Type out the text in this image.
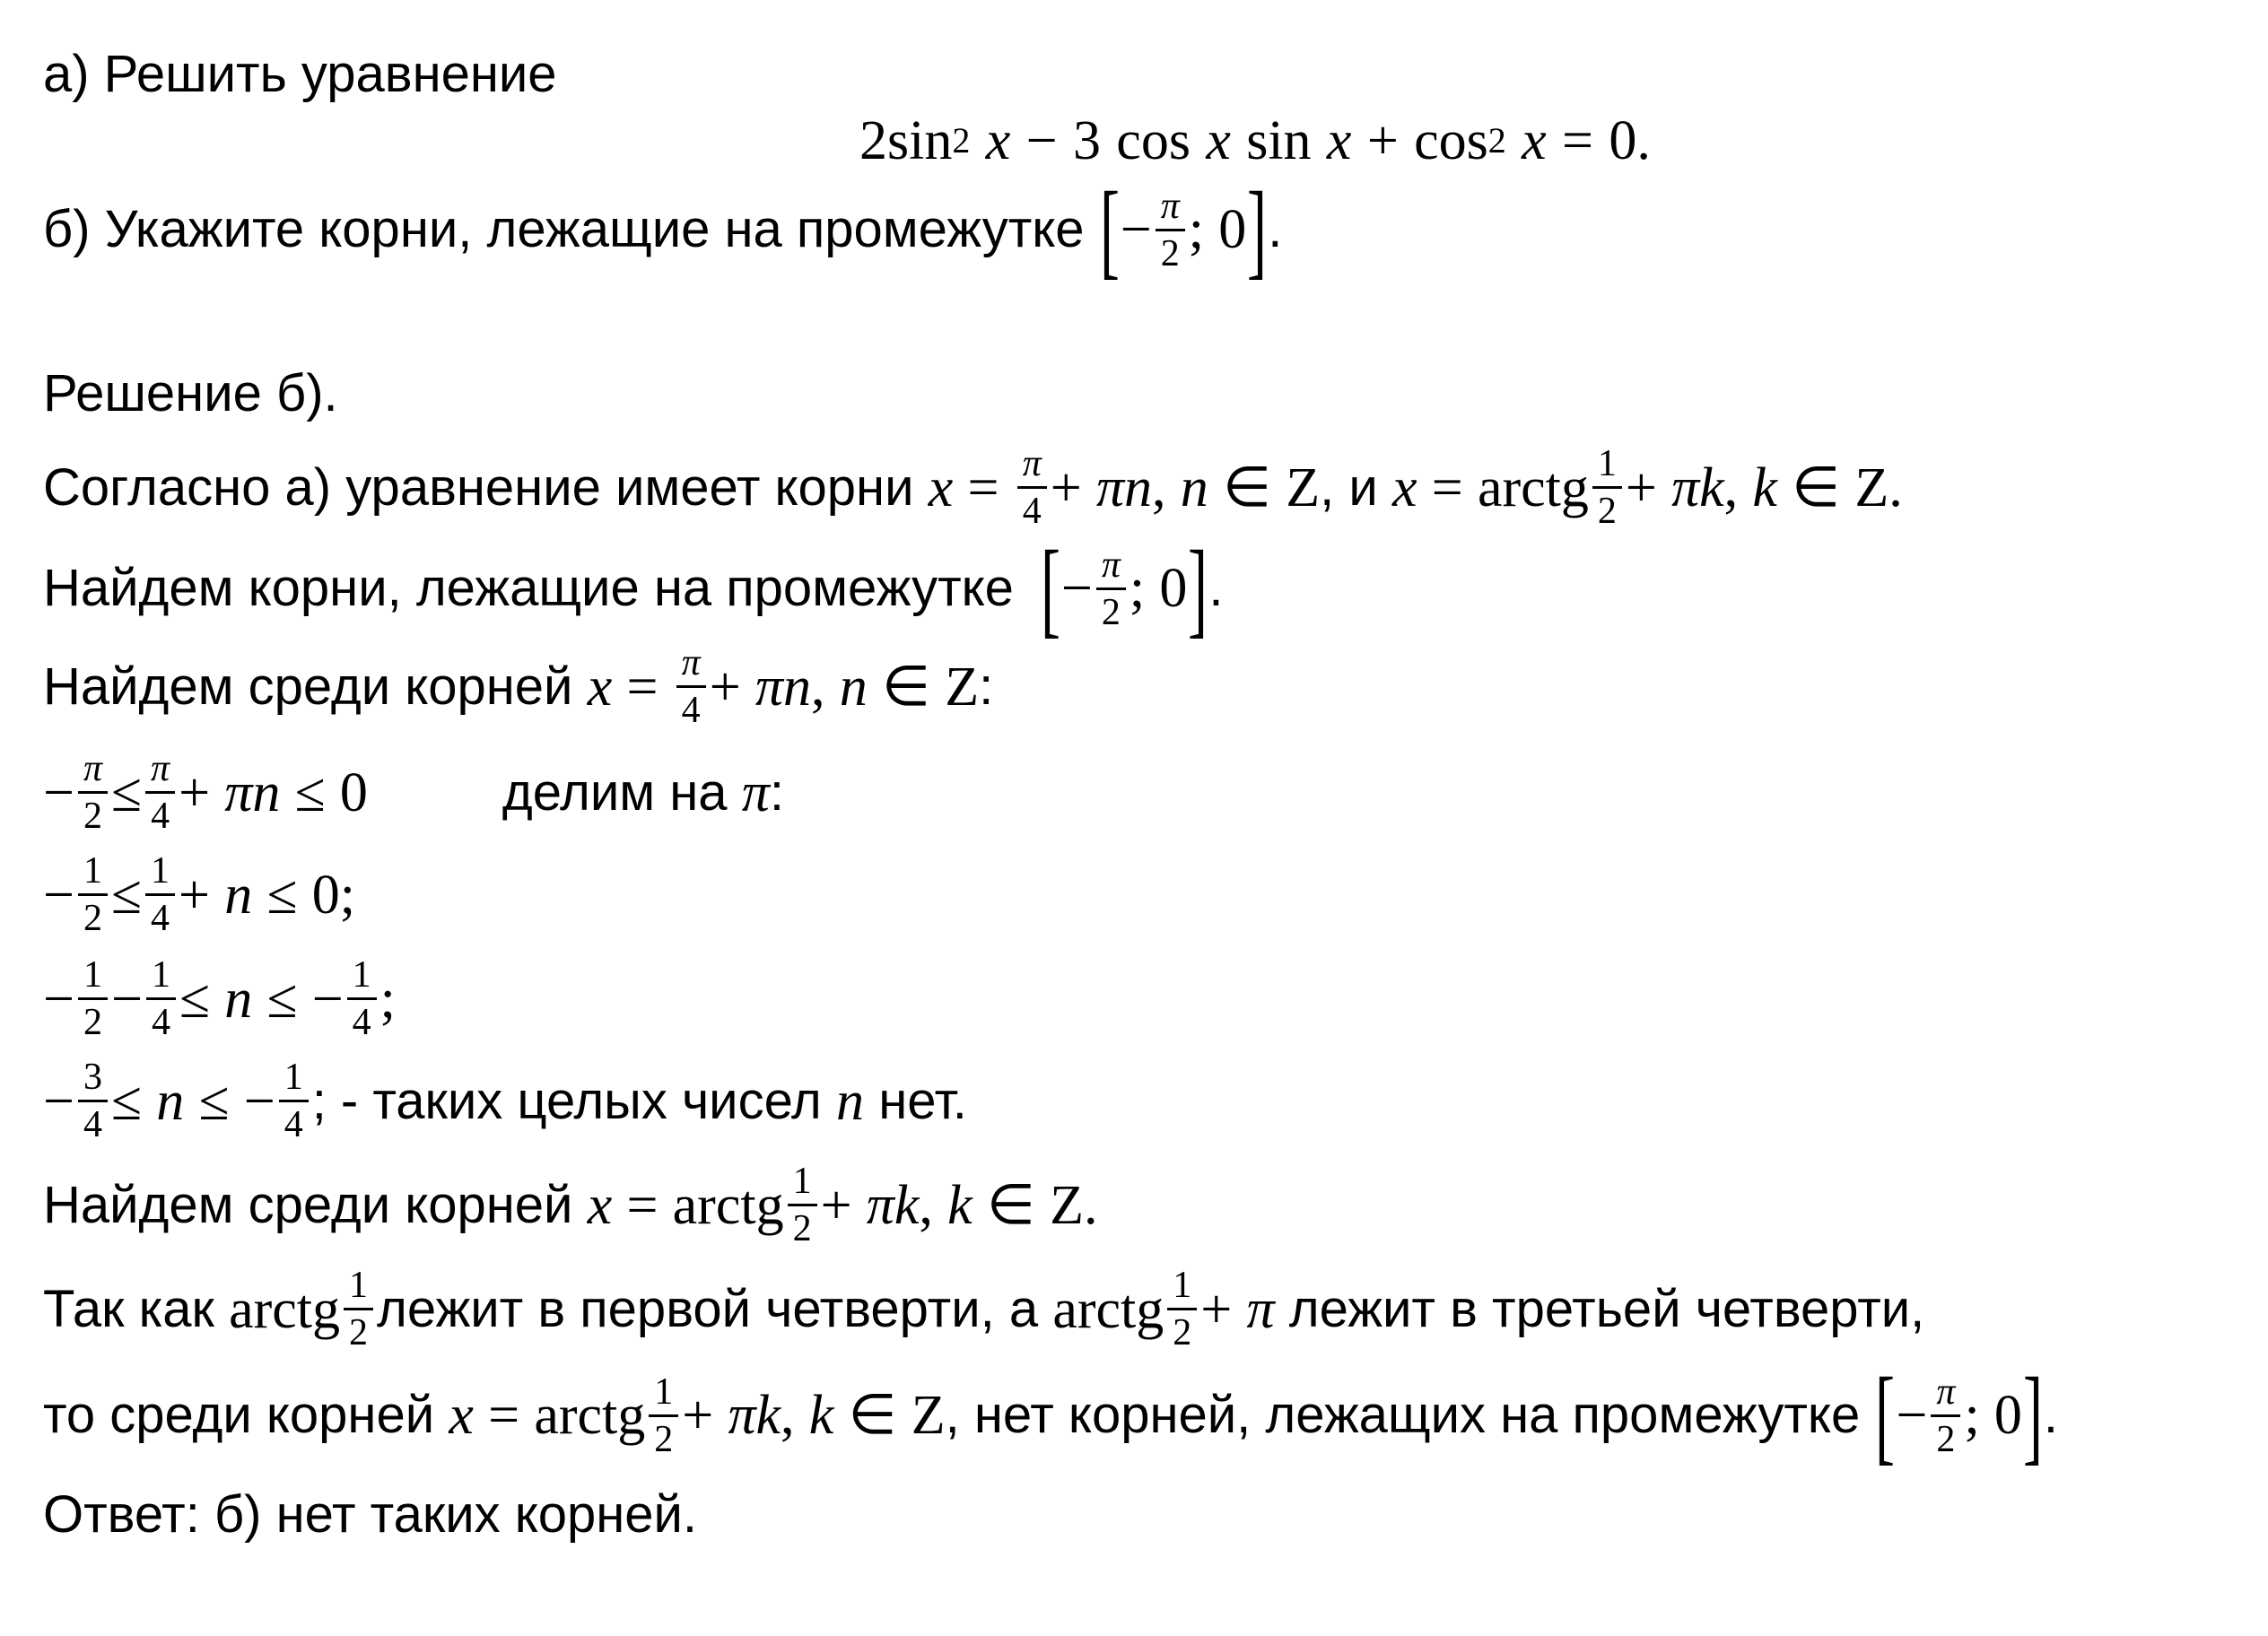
а) Решить уравнение
2sin 2 x − 3 cos x sin x + cos 2 x = 0.
б) Укажите корни, лежащие на промежутке [ − $\frac{\pi}{2}$ ; 0 ] .
Решение б).
Согласно а) уравнение имеет корни $x = \frac{\pi}{4} + \pi$ n , n ∈ Z , и x = arctg $\frac{1}{2} + \pi$ k , k ∈ Z .
Найдем корни, лежащие на промежутке [ − $\frac{\pi}{2}$ ; 0 ] .
Найдем среди корней $x = \frac{\pi}{4} + \pi$ n , n ∈ Z :
− $\frac{\pi}{2} \le \frac{\pi}{4} + \pi$ n ≤ 0	делим на π :
− $\frac{1}{2} \le \frac{1}{4} + n \le 0$ ;
− $\frac{1}{2} - \frac{1}{4} \le n$ ≤ − $\frac{1}{4}$ ;
− $\frac{3}{4} \le n$ ≤ − $\frac{1}{4}$ ; - таких целых чисел n нет.
Найдем среди корней x = arctg $\frac{1}{2} + \pi$ k , k ∈ Z .
Так как arctg $\frac{1}{2}$ лежит в первой четверти, а arctg $\frac{1}{2} + \pi$ лежит в третьей четверти,
то среди корней x = arctg $\frac{1}{2} + \pi$ k , k ∈ Z , нет корней, лежащих на промежутке [ − $\frac{\pi}{2}$ ; 0 ] .
Ответ: б) нет таких корней.
